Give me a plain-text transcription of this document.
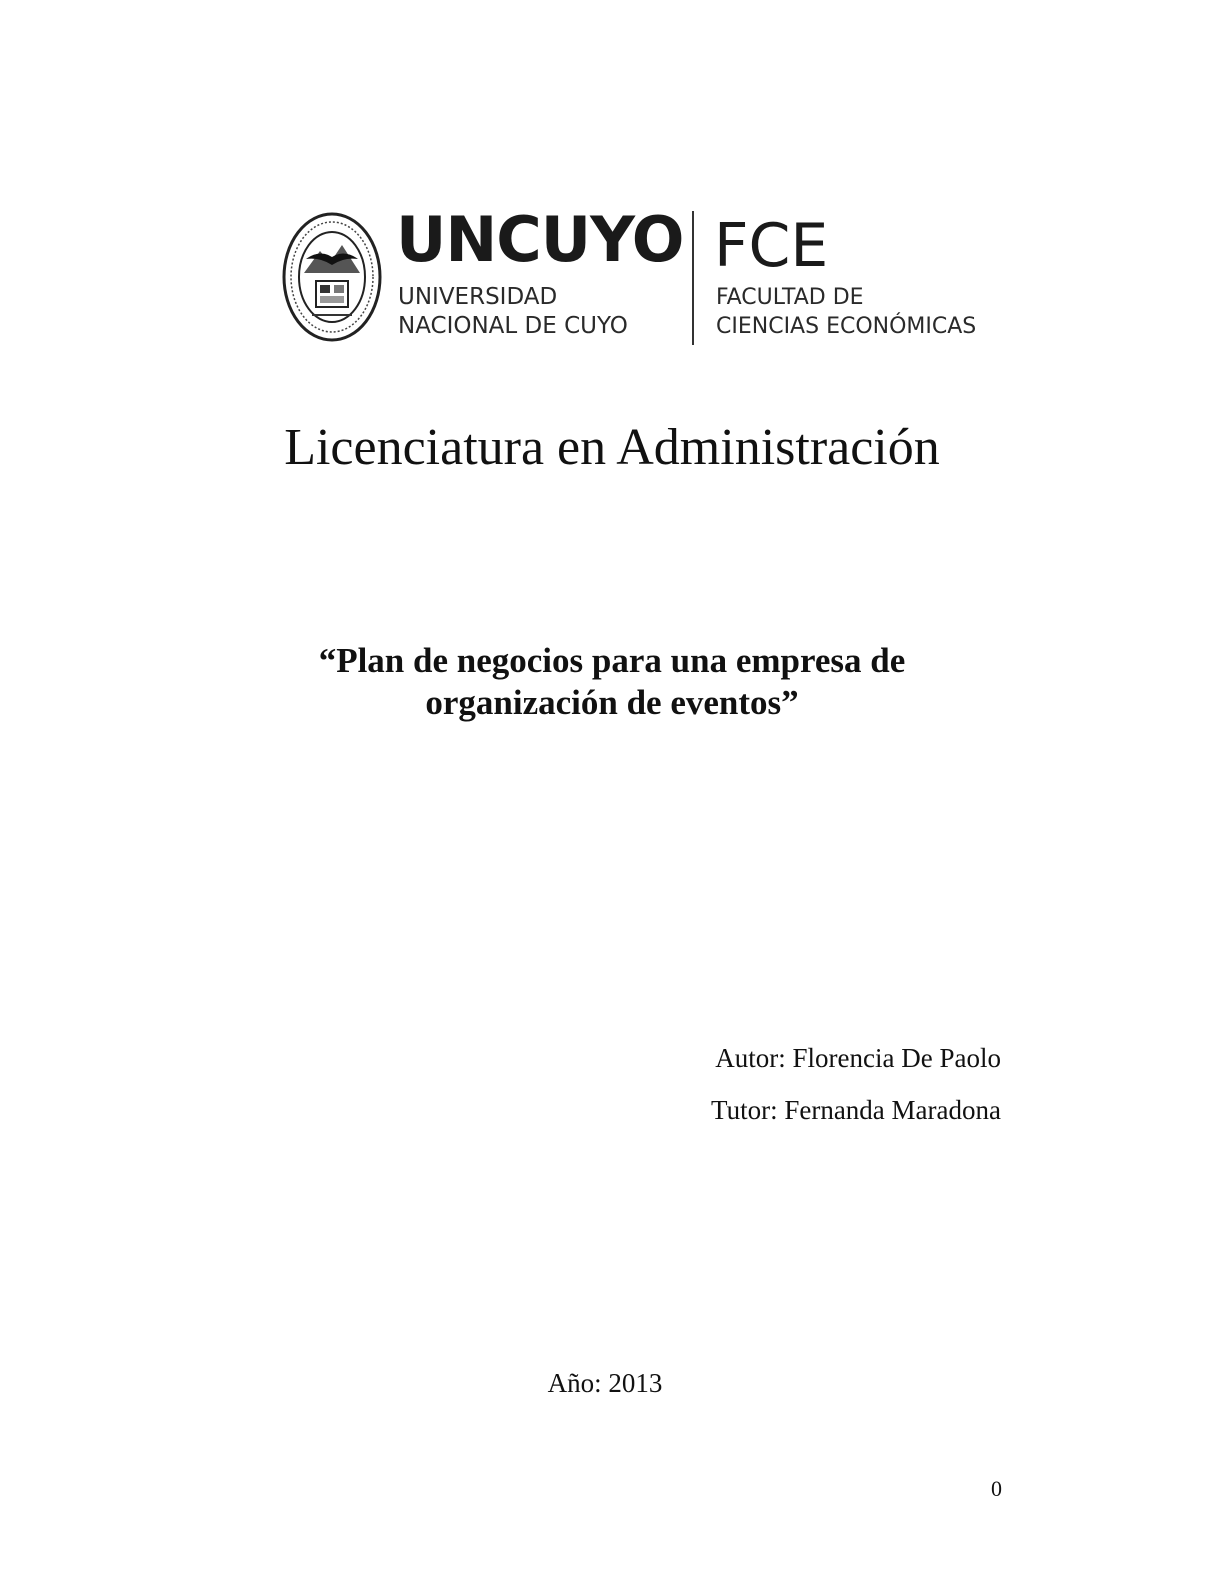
UNCUYO
UNIVERSIDAD
NACIONAL DE CUYO
FCE
FACULTAD DE
CIENCIAS ECONÓMICAS
Licenciatura en Administración
“Plan de negocios para una empresa de
organización de eventos”
Autor: Florencia De Paolo
Tutor: Fernanda Maradona
Año: 2013
0
